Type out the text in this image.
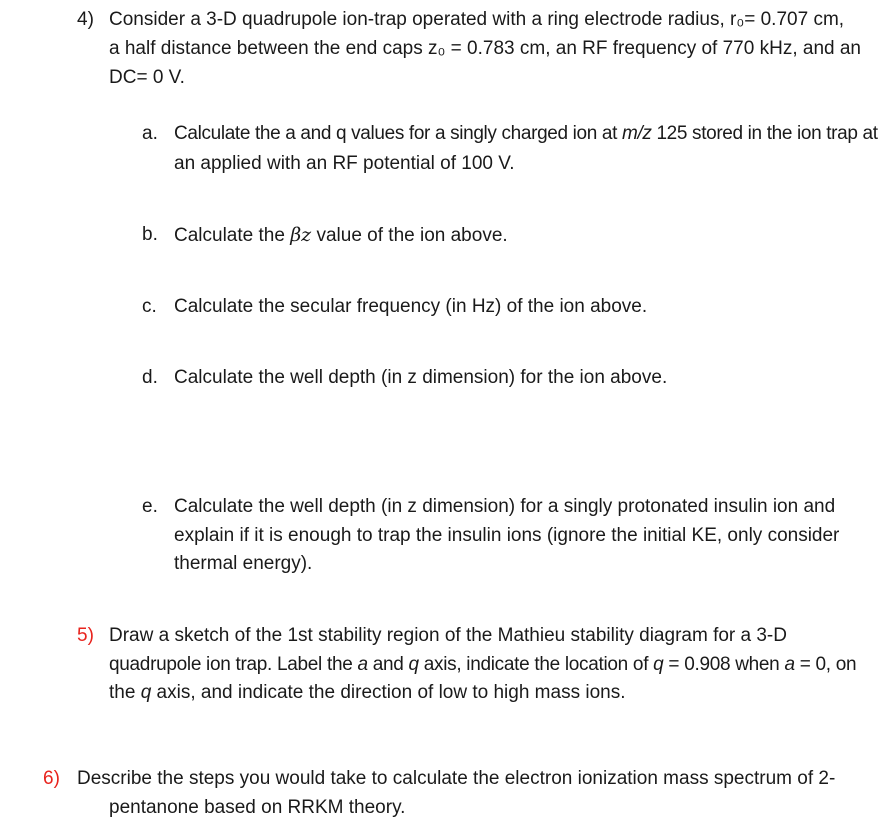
4) Consider a 3-D quadrupole ion-trap operated with a ring electrode radius, r₀= 0.707 cm,
a half distance between the end caps z₀ = 0.783 cm, an RF frequency of 770 kHz, and an
DC= 0 V.
a. Calculate the a and q values for a singly charged ion at m/z 125 stored in the ion trap at
an applied with an RF potential of 100 V.
b. Calculate the βz value of the ion above.
c. Calculate the secular frequency (in Hz) of the ion above.
d. Calculate the well depth (in z dimension) for the ion above.
e. Calculate the well depth (in z dimension) for a singly protonated insulin ion and
explain if it is enough to trap the insulin ions (ignore the initial KE, only consider
thermal energy).
5) Draw a sketch of the 1st stability region of the Mathieu stability diagram for a 3-D
quadrupole ion trap. Label the a and q axis, indicate the location of q = 0.908 when a = 0, on
the q axis, and indicate the direction of low to high mass ions.
6) Describe the steps you would take to calculate the electron ionization mass spectrum of 2-
pentanone based on RRKM theory.
